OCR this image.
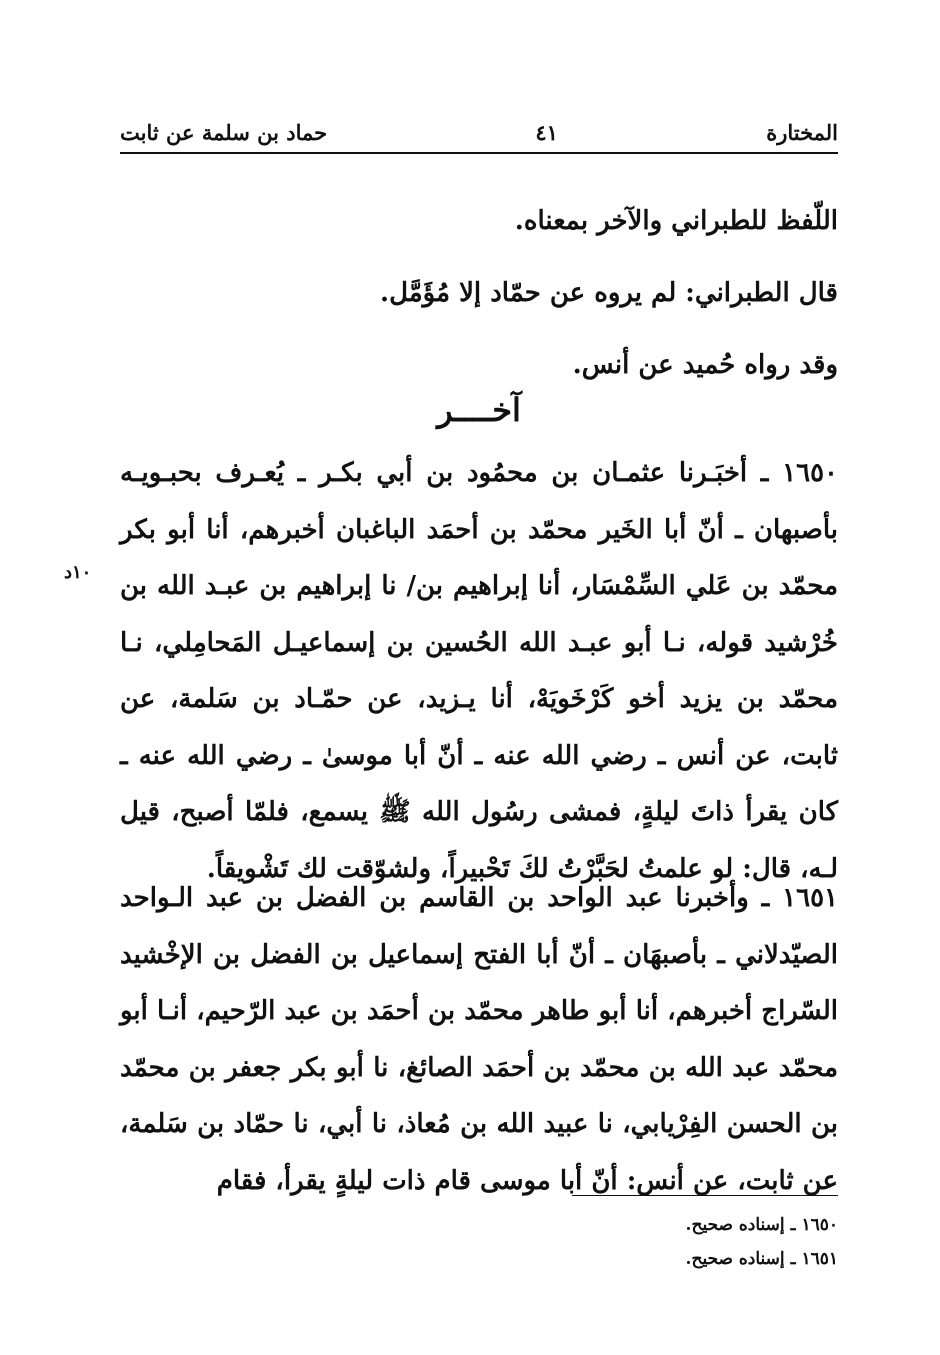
المختارة
٤١
حماد بن سلمة عن ثابت

اللّفظ للطبراني والآخر بمعناه.

قال الطبراني: لم يروه عن حمّاد إلا مُؤَمَّل.

وقد رواه حُميد عن أنس.

آخــــر
١٦٥٠ ـ أخبَـرنا عثمـان بن محمُود بن أبي بكـر ـ يُعـرف بحبـويـه بأصبهان ـ أنّ أبا الخَير محمّد بن أحمَد الباغبان أخبرهم، أنا أبو بكر محمّد بن عَلي السِّمْسَار، أنا إبراهيم بن/ نا إبراهيم بن عبـد الله بن خُرْشيد قوله، نـا أبو عبـد الله الحُسين بن إسماعيـل المَحامِلي، نـا محمّد بن يزيد أخو كَرْخَويَهْ، أنا يـزيد، عن حمّـاد بن سَلمة، عن ثابت، عن أنس ـ رضي الله عنه ـ أنّ أبا موسىٰ ـ رضي الله عنه ـ كان يقرأ ذاتَ ليلةٍ، فمشى رسُول الله ﷺ يسمع، فلمّا أصبح، قيل لـه، قال: لو علمتُ لحَبَّرْتُ لكَ تَحْبيراً، ولشوّقت لك تَشْويقاً.
١٠د
١٦٥١ ـ وأخبرنا عبد الواحد بن القاسم بن الفضل بن عبد الـواحد الصيّدلاني ـ بأصبهَان ـ أنّ أبا الفتح إسماعيل بن الفضل بن الإخْشيد السّراج أخبرهم، أنا أبو طاهر محمّد بن أحمَد بن عبد الرّحيم، أنـا أبو محمّد عبد الله بن محمّد بن أحمَد الصائغ، نا أبو بكر جعفر بن محمّد بن الحسن الفِرْيابي، نا عبيد الله بن مُعاذ، نا أبي، نا حمّاد بن سَلمة، عن ثابت، عن أنس: أنّ أبا موسى قام ذات ليلةٍ يقرأ، فقام
١٦٥٠ ـ إسناده صحيح.
١٦٥١ ـ إسناده صحيح.
